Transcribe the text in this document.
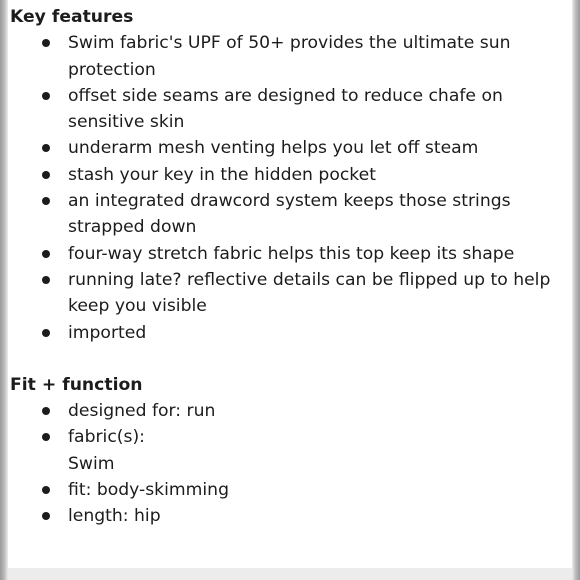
Key features

Swim fabric's UPF of 50+ provides the ultimate sun protection
offset side seams are designed to reduce chafe on sensitive skin
underarm mesh venting helps you let off steam
stash your key in the hidden pocket
an integrated drawcord system keeps those strings strapped down
four-way stretch fabric helps this top keep its shape
running late? reflective details can be flipped up to help keep you visible
imported

Fit + function

designed for: run
fabric(s):
Swim
fit: body-skimming
length: hip
